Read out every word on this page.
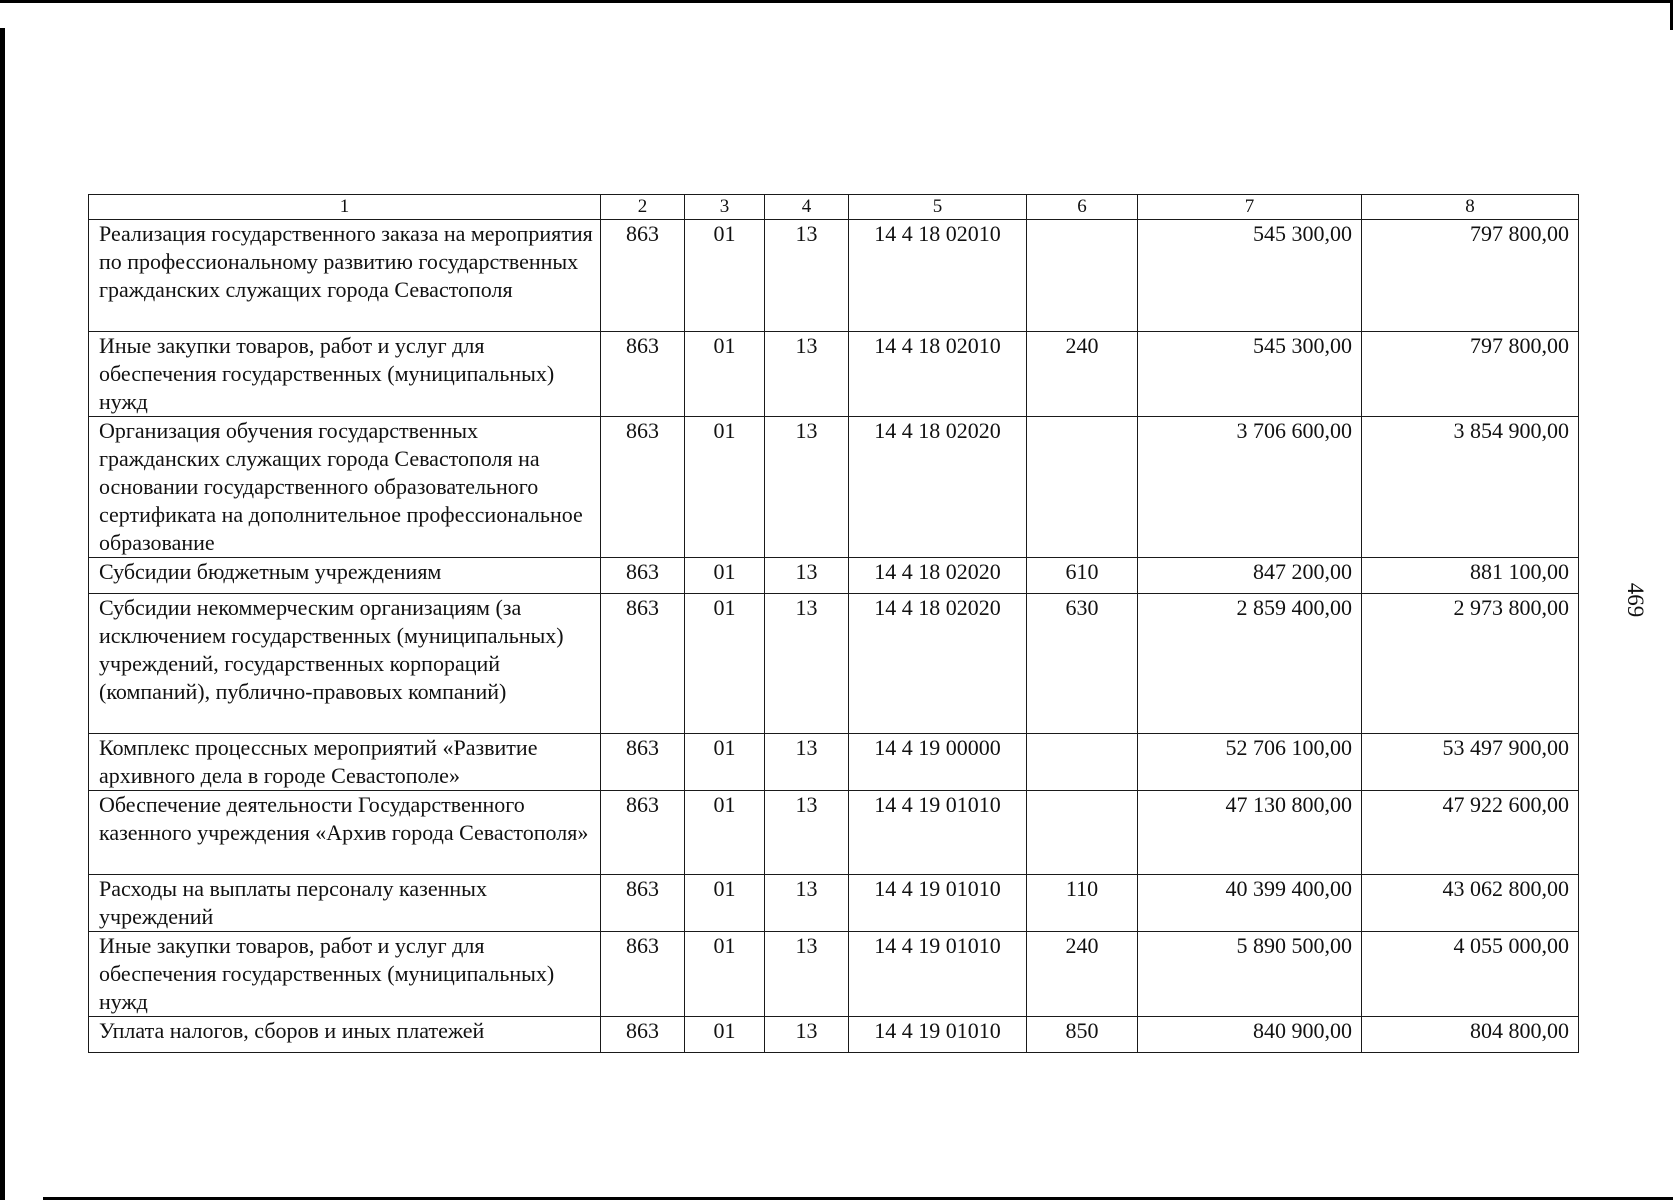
469
1	2	3	4	5	6	7	8
Реализация государственного заказа на мероприятия по профессиональному развитию государственных гражданских служащих города Севастополя	863	01	13	14 4 18 02010		545 300,00	797 800,00
Иные закупки товаров, работ и услуг для обеспечения государственных (муниципальных) нужд	863	01	13	14 4 18 02010	240	545 300,00	797 800,00
Организация обучения государственных гражданских служащих города Севастополя на основании государственного образовательного сертификата на дополнительное профессиональное образование	863	01	13	14 4 18 02020		3 706 600,00	3 854 900,00
Субсидии бюджетным учреждениям	863	01	13	14 4 18 02020	610	847 200,00	881 100,00
Субсидии некоммерческим организациям (за исключением государственных (муниципальных) учреждений, государственных корпораций (компаний), публично-правовых компаний)	863	01	13	14 4 18 02020	630	2 859 400,00	2 973 800,00
Комплекс процессных мероприятий «Развитие архивного дела в городе Севастополе»	863	01	13	14 4 19 00000		52 706 100,00	53 497 900,00
Обеспечение деятельности Государственного казенного учреждения «Архив города Севастополя»	863	01	13	14 4 19 01010		47 130 800,00	47 922 600,00
Расходы на выплаты персоналу казенных учреждений	863	01	13	14 4 19 01010	110	40 399 400,00	43 062 800,00
Иные закупки товаров, работ и услуг для обеспечения государственных (муниципальных) нужд	863	01	13	14 4 19 01010	240	5 890 500,00	4 055 000,00
Уплата налогов, сборов и иных платежей	863	01	13	14 4 19 01010	850	840 900,00	804 800,00
